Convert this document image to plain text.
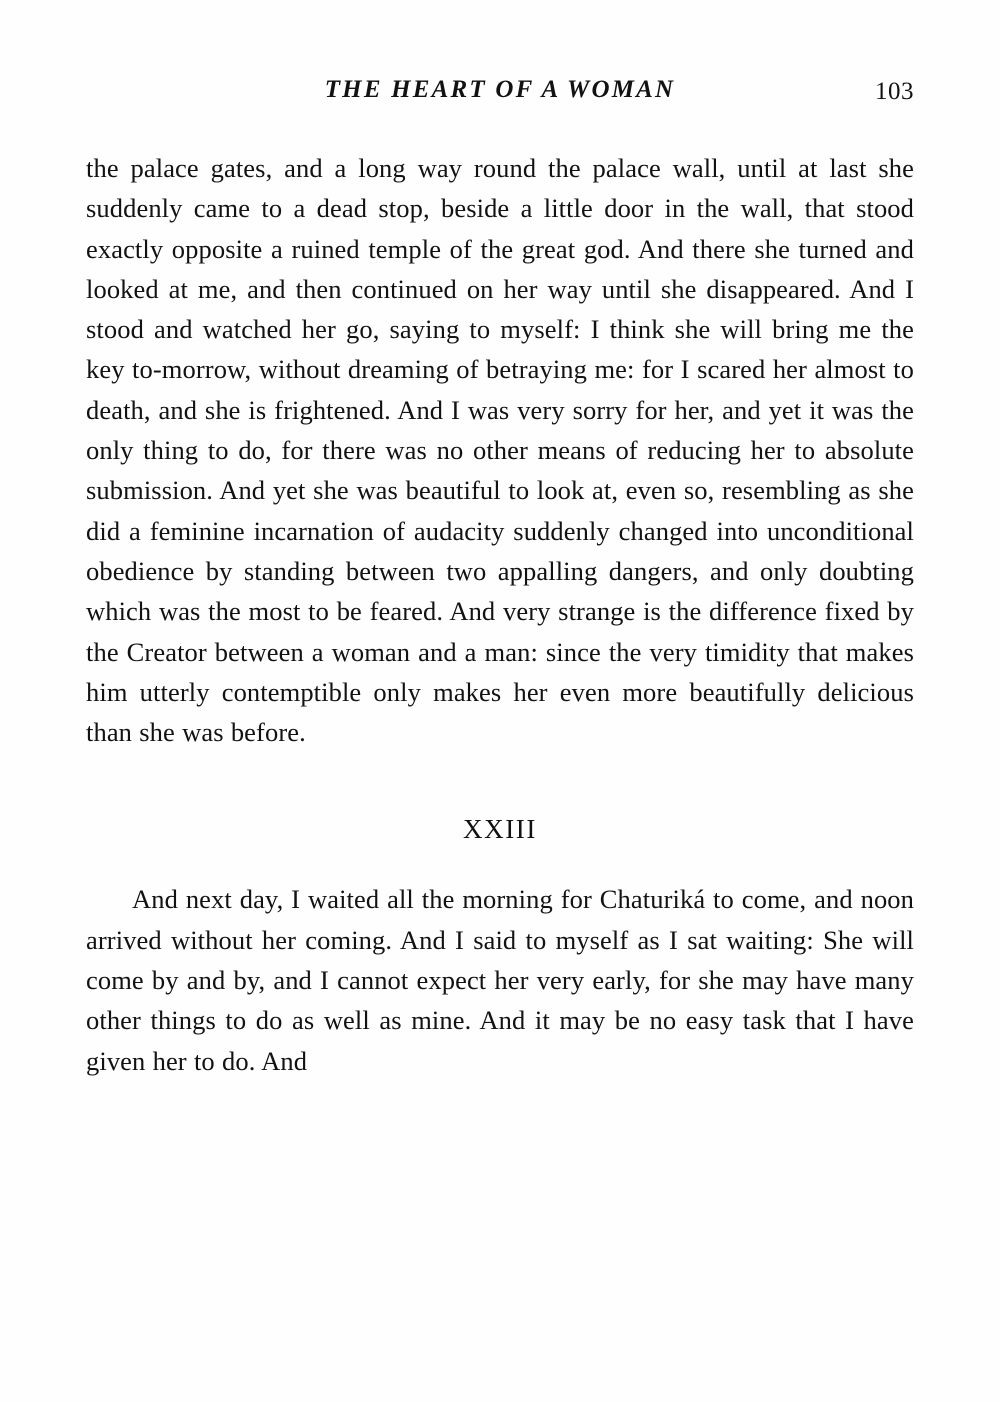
THE HEART OF A WOMAN	103

the palace gates, and a long way round the palace wall, until at last she suddenly came to a dead stop, beside a little door in the wall, that stood exactly opposite a ruined temple of the great god. And there she turned and looked at me, and then continued on her way until she disappeared. And I stood and watched her go, saying to myself: I think she will bring me the key to-morrow, without dreaming of betraying me: for I scared her almost to death, and she is frightened. And I was very sorry for her, and yet it was the only thing to do, for there was no other means of reducing her to absolute submission. And yet she was beautiful to look at, even so, resembling as she did a feminine incarnation of audacity suddenly changed into unconditional obedience by standing between two appalling dangers, and only doubting which was the most to be feared. And very strange is the difference fixed by the Creator between a woman and a man: since the very timidity that makes him utterly contemptible only makes her even more beautifully delicious than she was before.

XXIII

And next day, I waited all the morning for Chaturiká to come, and noon arrived without her coming. And I said to myself as I sat waiting: She will come by and by, and I cannot expect her very early, for she may have many other things to do as well as mine. And it may be no easy task that I have given her to do. And
